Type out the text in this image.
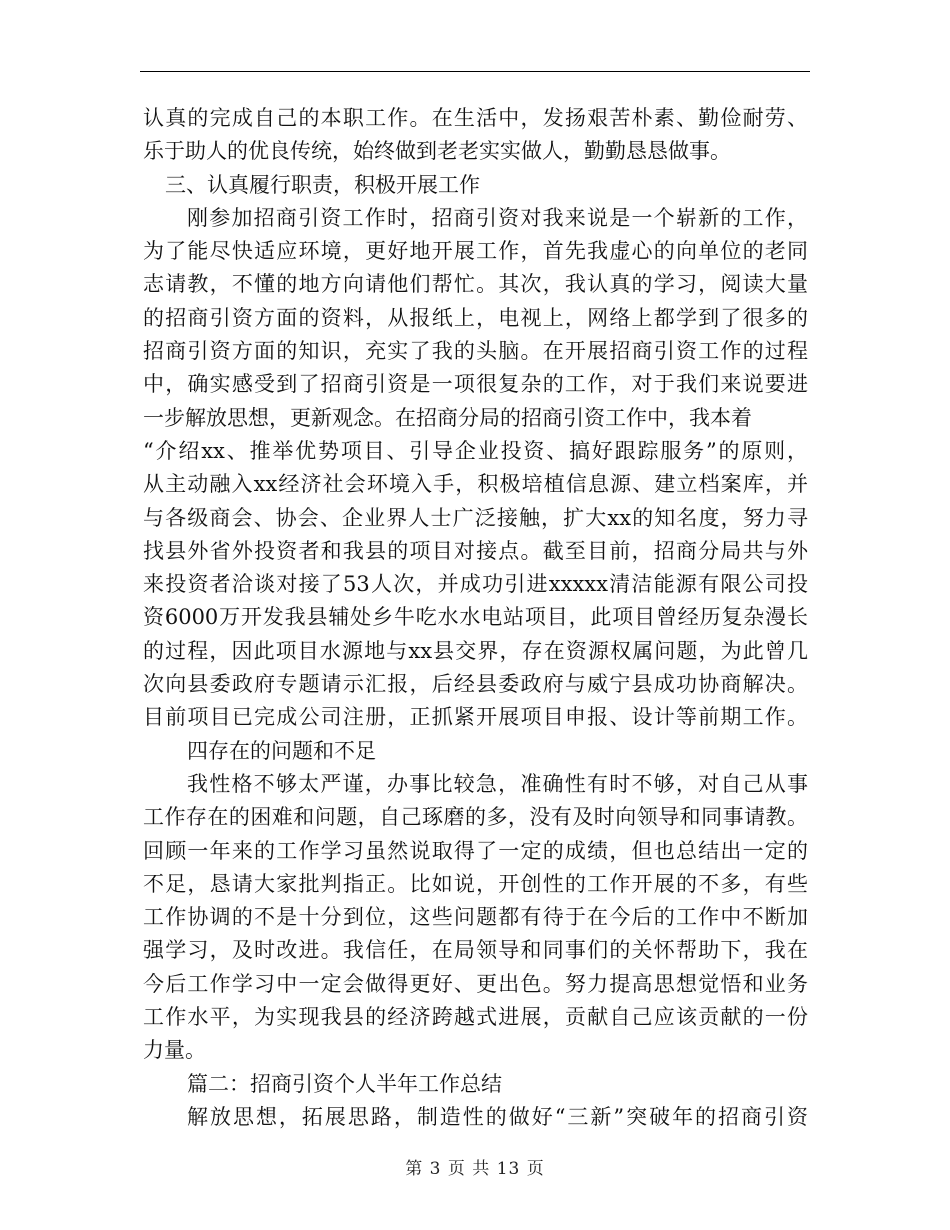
认真的完成自己的本职工作。在生活中，发扬艰苦朴素、勤俭耐劳、
乐于助人的优良传统，始终做到老老实实做人，勤勤恳恳做事。
三、认真履行职责，积极开展工作
刚参加招商引资工作时，招商引资对我来说是一个崭新的工作，
为了能尽快适应环境，更好地开展工作，首先我虚心的向单位的老同
志请教，不懂的地方向请他们帮忙。其次，我认真的学习，阅读大量
的招商引资方面的资料，从报纸上，电视上，网络上都学到了很多的
招商引资方面的知识，充实了我的头脑。在开展招商引资工作的过程
中，确实感受到了招商引资是一项很复杂的工作，对于我们来说要进
一步解放思想，更新观念。在招商分局的招商引资工作中，我本着
“介绍xx、推举优势项目、引导企业投资、搞好跟踪服务”的原则，
从主动融入xx经济社会环境入手，积极培植信息源、建立档案库，并
与各级商会、协会、企业界人士广泛接触，扩大xx的知名度，努力寻
找县外省外投资者和我县的项目对接点。截至目前，招商分局共与外
来投资者洽谈对接了53人次，并成功引进xxxxx清洁能源有限公司投
资6000万开发我县辅处乡牛吃水水电站项目，此项目曾经历复杂漫长
的过程，因此项目水源地与xx县交界，存在资源权属问题，为此曾几
次向县委政府专题请示汇报，后经县委政府与威宁县成功协商解决。
目前项目已完成公司注册，正抓紧开展项目申报、设计等前期工作。
四存在的问题和不足
我性格不够太严谨，办事比较急，准确性有时不够，对自己从事
工作存在的困难和问题，自己琢磨的多，没有及时向领导和同事请教。
回顾一年来的工作学习虽然说取得了一定的成绩，但也总结出一定的
不足，恳请大家批判指正。比如说，开创性的工作开展的不多，有些
工作协调的不是十分到位，这些问题都有待于在今后的工作中不断加
强学习，及时改进。我信任，在局领导和同事们的关怀帮助下，我在
今后工作学习中一定会做得更好、更出色。努力提高思想觉悟和业务
工作水平，为实现我县的经济跨越式进展，贡献自己应该贡献的一份
力量。
篇二：招商引资个人半年工作总结
解放思想，拓展思路，制造性的做好“三新”突破年的招商引资
第 3 页 共 13 页
